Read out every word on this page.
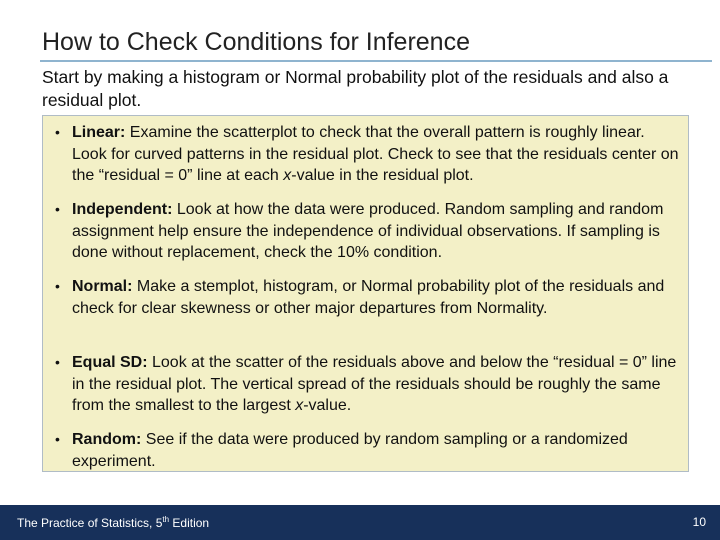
How to Check Conditions for Inference
Start by making a histogram or Normal probability plot of the residuals and also a residual plot.
• Linear: Examine the scatterplot to check that the overall pattern is roughly linear. Look for curved patterns in the residual plot. Check to see that the residuals center on the “residual = 0” line at each x-value in the residual plot.
• Independent: Look at how the data were produced. Random sampling and random assignment help ensure the independence of individual observations. If sampling is done without replacement, check the 10% condition.
• Normal: Make a stemplot, histogram, or Normal probability plot of the residuals and check for clear skewness or other major departures from Normality.
• Equal SD: Look at the scatter of the residuals above and below the “residual = 0” line in the residual plot. The vertical spread of the residuals should be roughly the same from the smallest to the largest x-value.
• Random: See if the data were produced by random sampling or a randomized experiment.
The Practice of Statistics, 5th Edition	10
